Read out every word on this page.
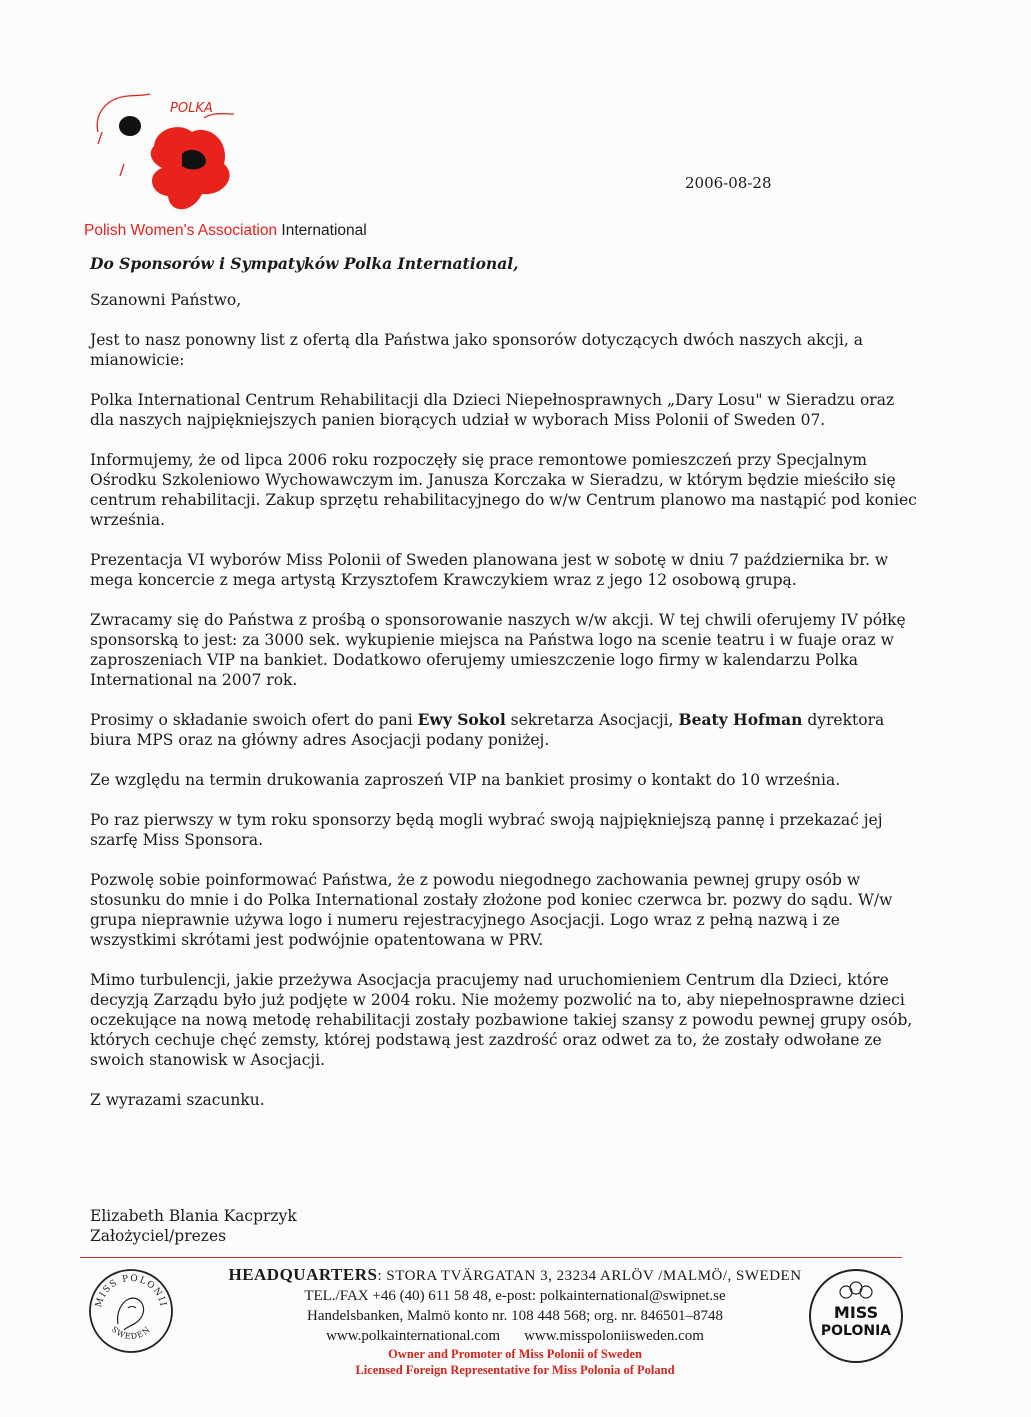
POLKA
Polish Women's Association International
2006-08-28
Do Sponsorów i Sympatyków Polka International,

Szanowni Państwo,

Jest to nasz ponowny list z ofertą dla Państwa jako sponsorów dotyczących dwóch naszych akcji, a mianowicie:

Polka International Centrum Rehabilitacji dla Dzieci Niepełnosprawnych „Dary Losu" w Sieradzu oraz dla naszych najpiękniejszych panien biorących udział w wyborach Miss Polonii of Sweden 07.

Informujemy, że od lipca 2006 roku rozpoczęły się prace remontowe pomieszczeń przy Specjalnym Ośrodku Szkoleniowo Wychowawczym im. Janusza Korczaka w Sieradzu, w którym będzie mieściło się centrum rehabilitacji. Zakup sprzętu rehabilitacyjnego do w/w Centrum planowo ma nastąpić pod koniec września.

Prezentacja VI wyborów Miss Polonii of Sweden planowana jest w sobotę w dniu 7 października br. w mega koncercie z mega artystą Krzysztofem Krawczykiem wraz z jego 12 osobową grupą.

Zwracamy się do Państwa z prośbą o sponsorowanie naszych w/w akcji. W tej chwili oferujemy IV półkę sponsorską to jest: za 3000 sek. wykupienie miejsca na Państwa logo na scenie teatru i w fuaje oraz w zaproszeniach VIP na bankiet. Dodatkowo oferujemy umieszczenie logo firmy w kalendarzu Polka International na 2007 rok.

Prosimy o składanie swoich ofert do pani Ewy Sokol sekretarza Asocjacji, Beaty Hofman dyrektora biura MPS oraz na główny adres Asocjacji podany poniżej.

Ze względu na termin drukowania zaproszeń VIP na bankiet prosimy o kontakt do 10 września.

Po raz pierwszy w tym roku sponsorzy będą mogli wybrać swoją najpiękniejszą pannę i przekazać jej szarfę Miss Sponsora.

Pozwolę sobie poinformować Państwa, że z powodu niegodnego zachowania pewnej grupy osób w stosunku do mnie i do Polka International zostały złożone pod koniec czerwca br. pozwy do sądu. W/w grupa nieprawnie używa logo i numeru rejestracyjnego Asocjacji. Logo wraz z pełną nazwą i ze wszystkimi skrótami jest podwójnie opatentowana w PRV.

Mimo turbulencji, jakie przeżywa Asocjacja pracujemy nad uruchomieniem Centrum dla Dzieci, które decyzją Zarządu było już podjęte w 2004 roku. Nie możemy pozwolić na to, aby niepełnosprawne dzieci oczekujące na nową metodę rehabilitacji zostały pozbawione takiej szansy z powodu pewnej grupy osób, których cechuje chęć zemsty, której podstawą jest zazdrość oraz odwet za to, że zostały odwołane ze swoich stanowisk w Asocjacji.

Z wyrazami szacunku.

Elizabeth Blania Kacprzyk
Założyciel/prezes
MISS POLONII
SWEDEN
HEADQUARTERS: STORA TVÄRGATAN 3, 23234 ARLÖV /MALMÖ/, SWEDEN
TEL./FAX +46 (40) 611 58 48, e-post: polkainternational@swipnet.se
Handelsbanken, Malmö konto nr. 108 448 568; org. nr. 846501–8748
www.polkainternational.com www.misspoloniisweden.com
Owner and Promoter of Miss Polonii of Sweden
Licensed Foreign Representative for Miss Polonia of Poland
MISS
POLONIA
